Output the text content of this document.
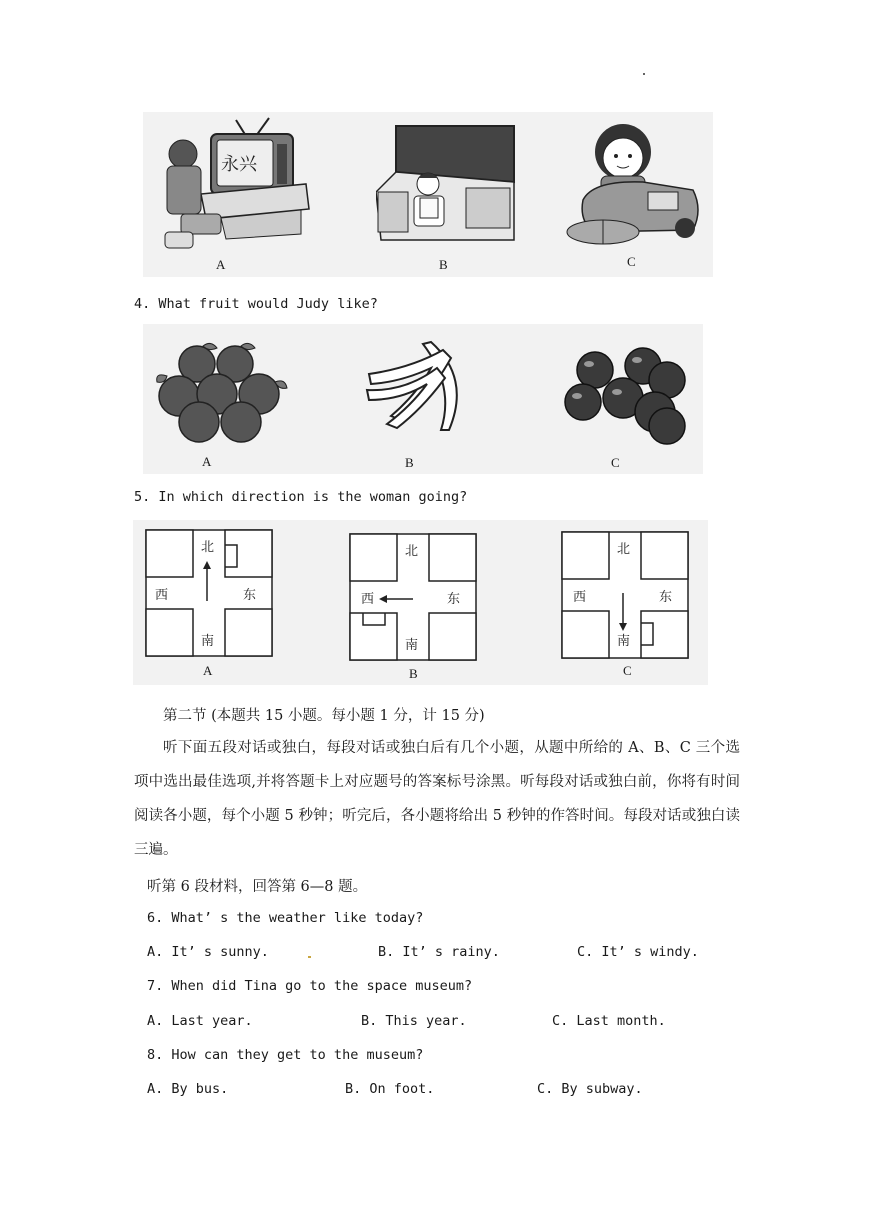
永兴
A	B	C
4. What fruit would Judy like?
A	B	C
5. In which direction is the woman going?
北
南
西	东
A
北
南
西	东
B
北
南
西	东
C
第二节 (本题共 15 小题。每小题 1 分，计 15 分)
听下面五段对话或独白，每段对话或独白后有几个小题，从题中所给的 A、B、C 三个选项中选出最佳选项,并将答题卡上对应题号的答案标号涂黑。听每段对话或独白前，你将有时间阅读各小题，每个小题 5 秒钟；听完后，各小题将给出 5 秒钟的作答时间。每段对话或独白读三遍。
听第 6 段材料，回答第 6—8 题。
6. What’ s the weather like today?
A. It’ s sunny.	B. It’ s rainy.	C. It’ s windy.
7. When did Tina go to the space museum?
A. Last year.	B. This year.	C. Last month.
8. How can they get to the museum?
A. By bus.	B. On foot.	C. By subway.
